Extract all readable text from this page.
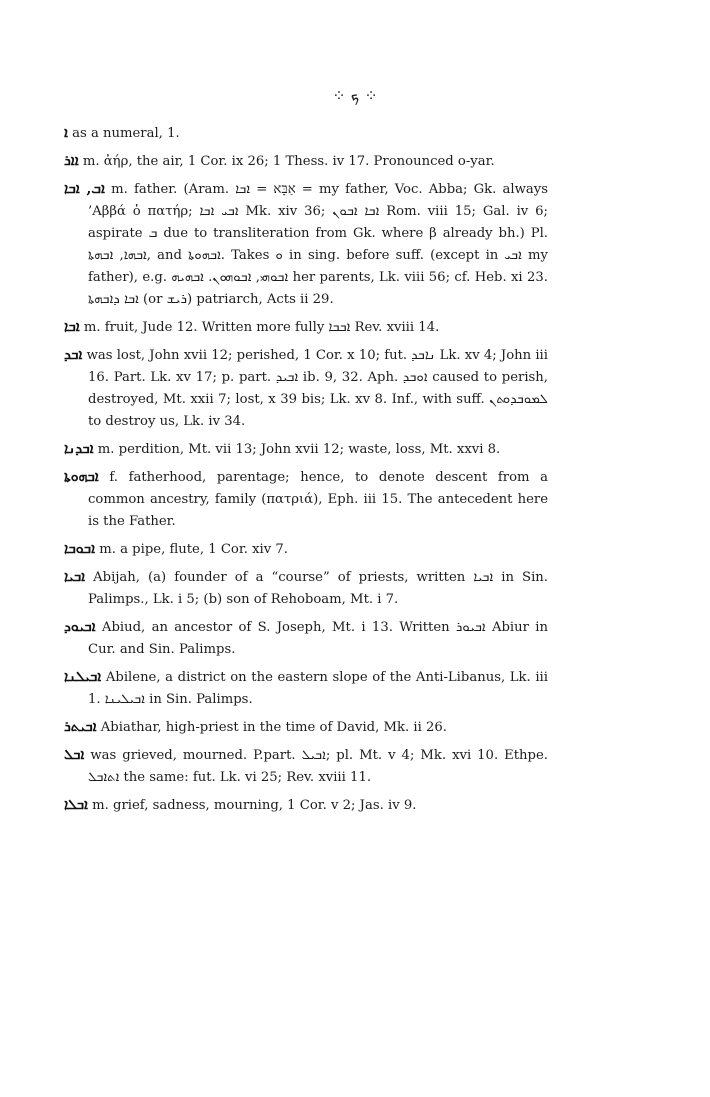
⁘ ܟ ⁘

ܐ as a numeral, 1.

ܐܐܪ m. ἀήρ, the air, 1 Cor. ix 26; 1 Thess. iv 17. Pronounced o-yar.

ܐܒ, ܐܒܐ m. father. (Aram. אַבָּא = ܐܒܐ = my father, Voc. Abba; Gk. always ’Aββά ὁ πατήρ; ܐܒܝ ܐܒܐ Mk. xiv 36; ܐܒܐ ܐܒܘܢ Rom. viii 15; Gal. iv 6; aspirate ܒ due to transliteration from Gk. where β already bh.) Pl. ܐܒܗܐ, ܐܒܗܬܐ, and ܐܒܗܘܬܐ. Takes ܘ in sing. before suff. (except in ܐܒܝ my father), e.g. ܐܒܘܗܝ, ܐܒܘܗܘܢ. ܐܒܗܝܗ her parents, Lk. viii 56; cf. Heb. xi 23. ܐܒܐ ܕܐܒܗܬܐ (or ܪܝܫ) patriarch, Acts ii 29.

ܐܒܐ m. fruit, Jude 12. Written more fully ܐܒܒܐ Rev. xviii 14.

ܐܒܕ was lost, John xvii 12; perished, 1 Cor. x 10; fut. ܢܐܒܕ Lk. xv 4; John iii 16. Part. Lk. xv 17; p. part. ܐܒܝܕ ib. 9, 32. Aph. ܐܘܒܕ caused to perish, destroyed, Mt. xxii 7; lost, x 39 bis; Lk. xv 8. Inf., with suff. ܠܡܘܒܕܘܬܢ to destroy us, Lk. iv 34.

ܐܒܕܢܐ m. perdition, Mt. vii 13; John xvii 12; waste, loss, Mt. xxvi 8.

ܐܒܗܘܬܐ f. fatherhood, parentage; hence, to denote descent from a common ancestry, family (πατριά), Eph. iii 15. The antecedent here is the Father.

ܐܒܘܒܐ m. a pipe, flute, 1 Cor. xiv 7.

ܐܒܝܐ Abijah, (a) founder of a “course” of priests, written ܐܒܝܐ in Sin. Palimps., Lk. i 5; (b) son of Rehoboam, Mt. i 7.

ܐܒܝܘܕ Abiud, an ancestor of S. Joseph, Mt. i 13. Written ܐܒܝܘܪ Abiur in Cur. and Sin. Palimps.

ܐܒܝܠܢܐ Abilene, a district on the eastern slope of the Anti-Libanus, Lk. iii 1. ܐܒܝܠܝܢܐ in Sin. Palimps.

ܐܒܝܬܪ Abiathar, high-priest in the time of David, Mk. ii 26.

ܐܒܠ was grieved, mourned. P.part. ܐܒܝܠ; pl. Mt. v 4; Mk. xvi 10. Ethpe. ܐܬܐܒܠ the same: fut. Lk. vi 25; Rev. xviii 11.

ܐܒܠܐ m. grief, sadness, mourning, 1 Cor. v 2; Jas. iv 9.
